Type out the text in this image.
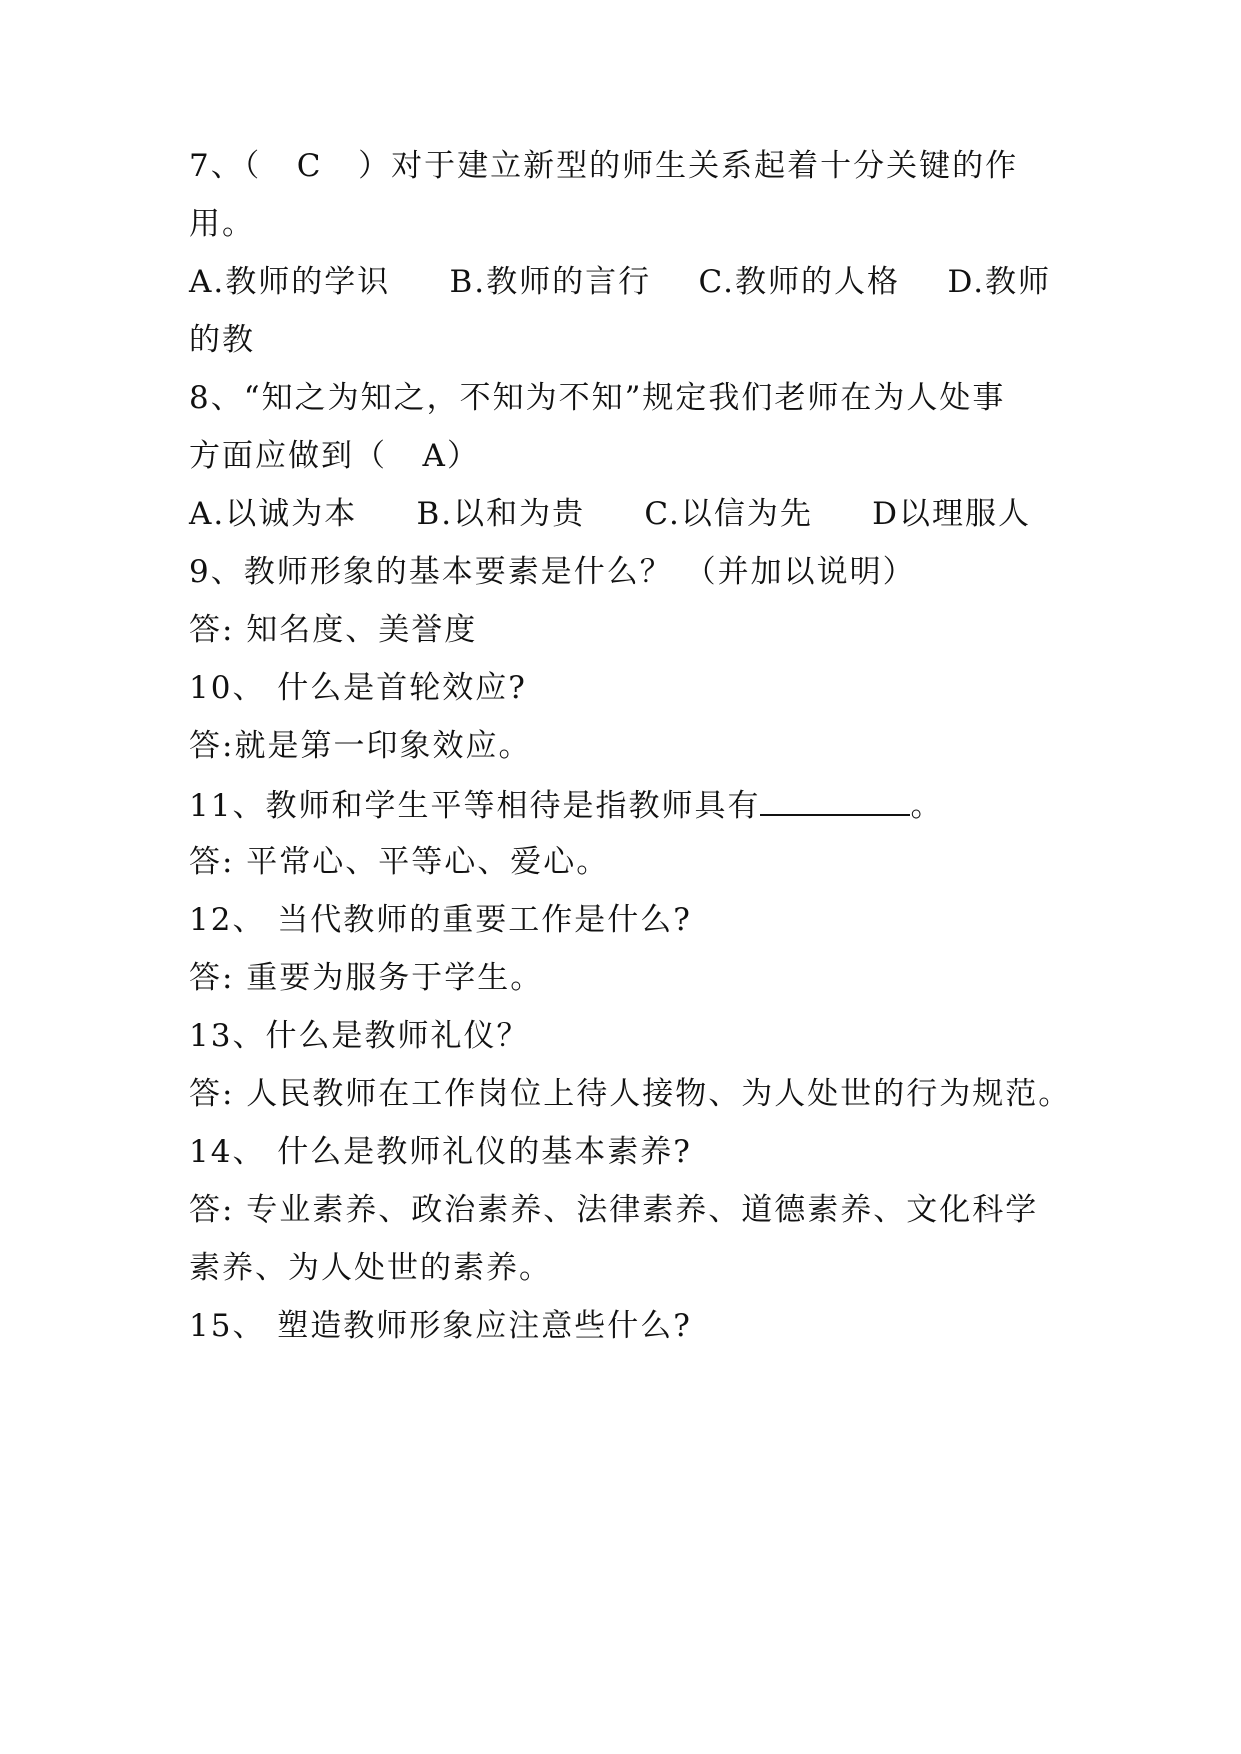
7、（   C   ）对于建立新型的师生关系起着十分关键的作
用。
A.教师的学识     B.教师的言行    C.教师的人格    D.教师
的教
8、“知之为知之，不知为不知”规定我们老师在为人处事
方面应做到（   A）
A.以诚为本     B.以和为贵     C.以信为先     D以理服人
9、教师形象的基本要素是什么？ （并加以说明）
答: 知名度、美誉度
10、 什么是首轮效应?
答:就是第一印象效应。
11、教师和学生平等相待是指教师具有	。
答: 平常心、平等心、爱心。
12、 当代教师的重要工作是什么?
答: 重要为服务于学生。
13、什么是教师礼仪？
答: 人民教师在工作岗位上待人接物、为人处世的行为规范。
14、 什么是教师礼仪的基本素养?
答: 专业素养、政治素养、法律素养、道德素养、文化科学
素养、为人处世的素养。
15、 塑造教师形象应注意些什么?
